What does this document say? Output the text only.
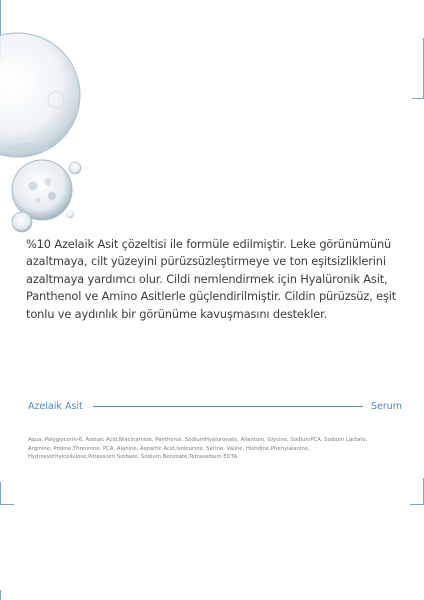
%10 Azelaik Asit çözeltisi ile formüle edilmiştir. Leke görünümünü

azaltmaya, cilt yüzeyini pürüzsüzleştirmeye ve ton eşitsizliklerini

azaltmaya yardımcı olur. Cildi nemlendirmek için Hyalüronik Asit,

Panthenol ve Amino Asitlerle güçlendirilmiştir. Cildin pürüzsüz, eşit

tonlu ve aydınlık bir görünüme kavuşmasını destekler.

Azelaik Asit	Serum

Aqua, Polyglycerin-6, Azelaic Acid,Niacinamide, Panthenol, SodiumHyaluronate, Allantoin, Glycine, SodiumPCA, Sodium Lactate,

Arginine, Proline,Threonine, PCA, Alanine, Aspartic Acid,Isoleucine, Serine, Valine, Histidine,Phenylalanine,

Hydroxyethylcellulose,Potassium Sorbate, Sodium Benzoate,Tetrasodium EDTA.
